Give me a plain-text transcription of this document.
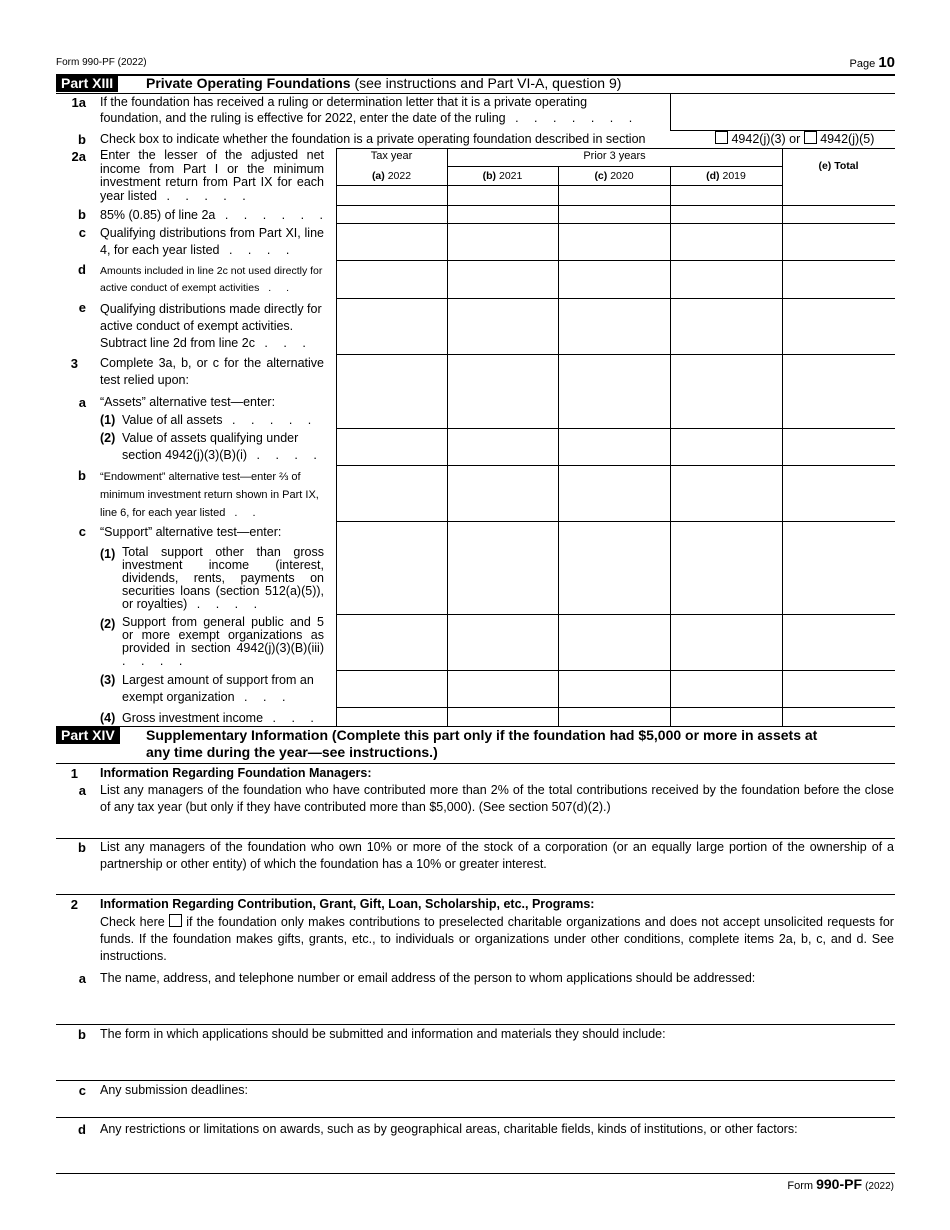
Form 990-PF (2022)	Page 10
Part XIII	Private Operating Foundations (see instructions and Part VI-A, question 9)
1a If the foundation has received a ruling or determination letter that it is a private operating
foundation, and the ruling is effective for 2022, enter the date of the ruling . . . . . . .
b Check box to indicate whether the foundation is a private operating foundation described in section	4942(j)(3) or 4942(j)(5)
Tax year	Prior 3 years
(a) 2022	(b) 2021	(c) 2020	(d) 2019
(e) Total
2a Enter the lesser of the adjusted net income from Part I or the minimum investment return from Part IX for each year listed . . . . .
b 85% (0.85) of line 2a . . . . . .
c Qualifying distributions from Part XI, line 4, for each year listed . . . .
d Amounts included in line 2c not used directly for active conduct of exempt activities . .
e Qualifying distributions made directly for active conduct of exempt activities. Subtract line 2d from line 2c . . .
3 Complete 3a, b, or c for the alternative test relied upon:
a “Assets” alternative test—enter:
(1) Value of all assets . . . . .
(2) Value of assets qualifying under section 4942(j)(3)(B)(i) . . . .
b “Endowment” alternative test—enter ⅔ of minimum investment return shown in Part IX, line 6, for each year listed . .
c “Support” alternative test—enter:
(1) Total support other than gross investment income (interest, dividends, rents, payments on securities loans (section 512(a)(5)), or royalties) . . . .
(2) Support from general public and 5 or more exempt organizations as provided in section 4942(j)(3)(B)(iii) . . . .
(3) Largest amount of support from an exempt organization . . .
(4) Gross investment income . . .
Part XIV	Supplementary Information (Complete this part only if the foundation had $5,000 or more in assets at
any time during the year—see instructions.)
1 Information Regarding Foundation Managers:
a List any managers of the foundation who have contributed more than 2% of the total contributions received by the foundation before the close of any tax year (but only if they have contributed more than $5,000). (See section 507(d)(2).)
b List any managers of the foundation who own 10% or more of the stock of a corporation (or an equally large portion of the ownership of a partnership or other entity) of which the foundation has a 10% or greater interest.
2 Information Regarding Contribution, Grant, Gift, Loan, Scholarship, etc., Programs:
Check here if the foundation only makes contributions to preselected charitable organizations and does not accept unsolicited requests for funds. If the foundation makes gifts, grants, etc., to individuals or organizations under other conditions, complete items 2a, b, c, and d. See instructions.
a The name, address, and telephone number or email address of the person to whom applications should be addressed:
b The form in which applications should be submitted and information and materials they should include:
c Any submission deadlines:
d Any restrictions or limitations on awards, such as by geographical areas, charitable fields, kinds of institutions, or other factors:
Form 990-PF (2022)
